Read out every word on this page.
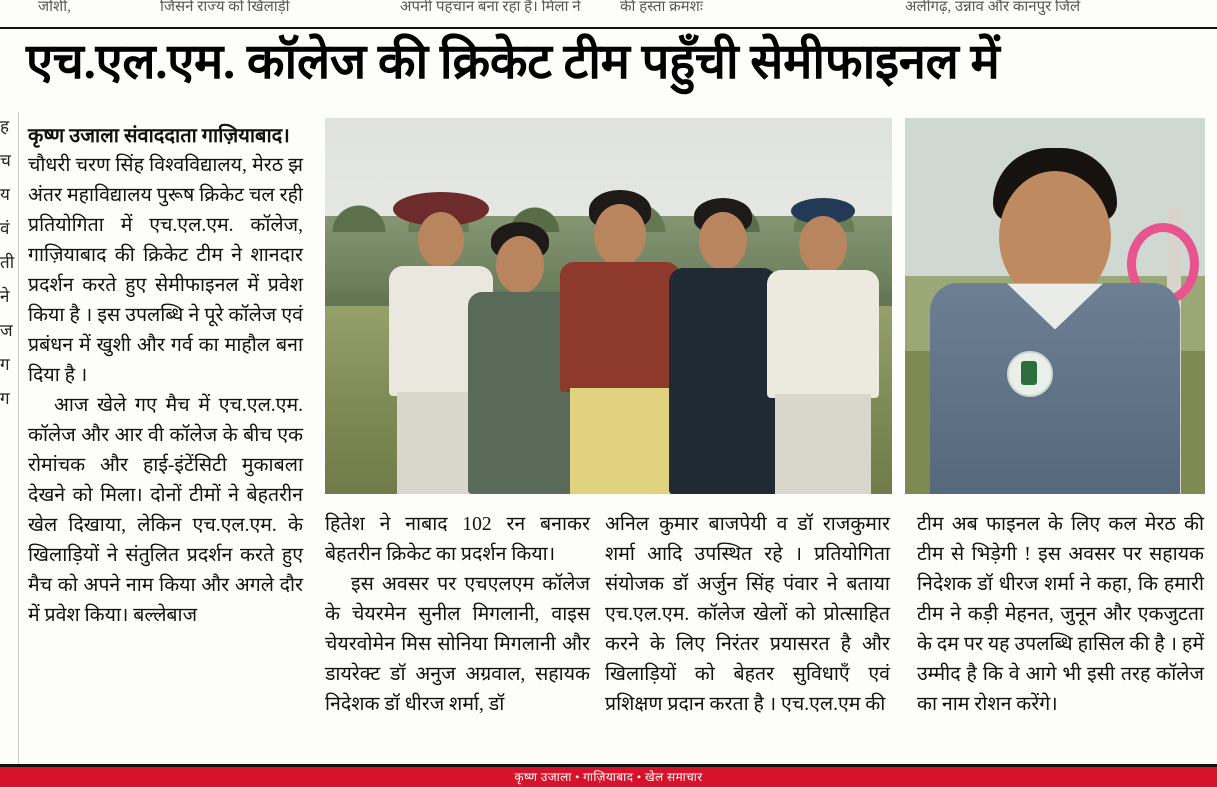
जोशी,	जिसने राज्य को खिलाड़ी	अपनी पहचान बना रहा है। मिला ने	की हस्ता क्रमशः	अलीगढ़, उन्नाव और कानपुर जिले
एच.एल.एम. कॉलेज की क्रिकेट टीम पहुँची सेमीफाइनल में
ह
च
य
वं
ती
ने
ज
ग
ग

कृष्ण उजाला संवाददाता गाज़ियाबाद।
चौधरी चरण सिंह विश्वविद्यालय, मेरठ झ अंतर महाविद्यालय पुरूष क्रिकेट चल रही प्रतियोगिता में एच.एल.एम. कॉलेज, गाज़ियाबाद की क्रिकेट टीम ने शानदार प्रदर्शन करते हुए सेमीफाइनल में प्रवेश किया है । इस उपलब्धि ने पूरे कॉलेज एवं प्रबंधन में खुशी और गर्व का माहौल बना दिया है ।

आज खेले गए मैच में एच.एल.एम. कॉलेज और आर वी कॉलेज के बीच एक रोमांचक और हाई-इंटेंसिटी मुकाबला देखने को मिला। दोनों टीमों ने बेहतरीन खेल दिखाया, लेकिन एच.एल.एम. के खिलाड़ियों ने संतुलित प्रदर्शन करते हुए मैच को अपने नाम किया और अगले दौर में प्रवेश किया। बल्लेबाज

हितेश ने नाबाद 102 रन बनाकर बेहतरीन क्रिकेट का प्रदर्शन किया।

इस अवसर पर एचएलएम कॉलेज के चेयरमेन सुनील मिगलानी, वाइस चेयरवोमेन मिस सोनिया मिगलानी और डायरेक्ट डॉ अनुज अग्रवाल, सहायक निदेशक डॉ धीरज शर्मा, डॉ

अनिल कुमार बाजपेयी व डॉ राजकुमार शर्मा आदि उपस्थित रहे । प्रतियोगिता संयोजक डॉ अर्जुन सिंह पंवार ने बताया एच.एल.एम. कॉलेज खेलों को प्रोत्साहित करने के लिए निरंतर प्रयासरत है और खिलाड़ियों को बेहतर सुविधाएँ एवं प्रशिक्षण प्रदान करता है । एच.एल.एम की

टीम अब फाइनल के लिए कल मेरठ की टीम से भिड़ेगी ! इस अवसर पर सहायक निदेशक डॉ धीरज शर्मा ने कहा, कि हमारी टीम ने कड़ी मेहनत, जुनून और एकजुटता के दम पर यह उपलब्धि हासिल की है । हमें उम्मीद है कि वे आगे भी इसी तरह कॉलेज का नाम रोशन करेंगे।

कृष्ण उजाला • गाज़ियाबाद • खेल समाचार
